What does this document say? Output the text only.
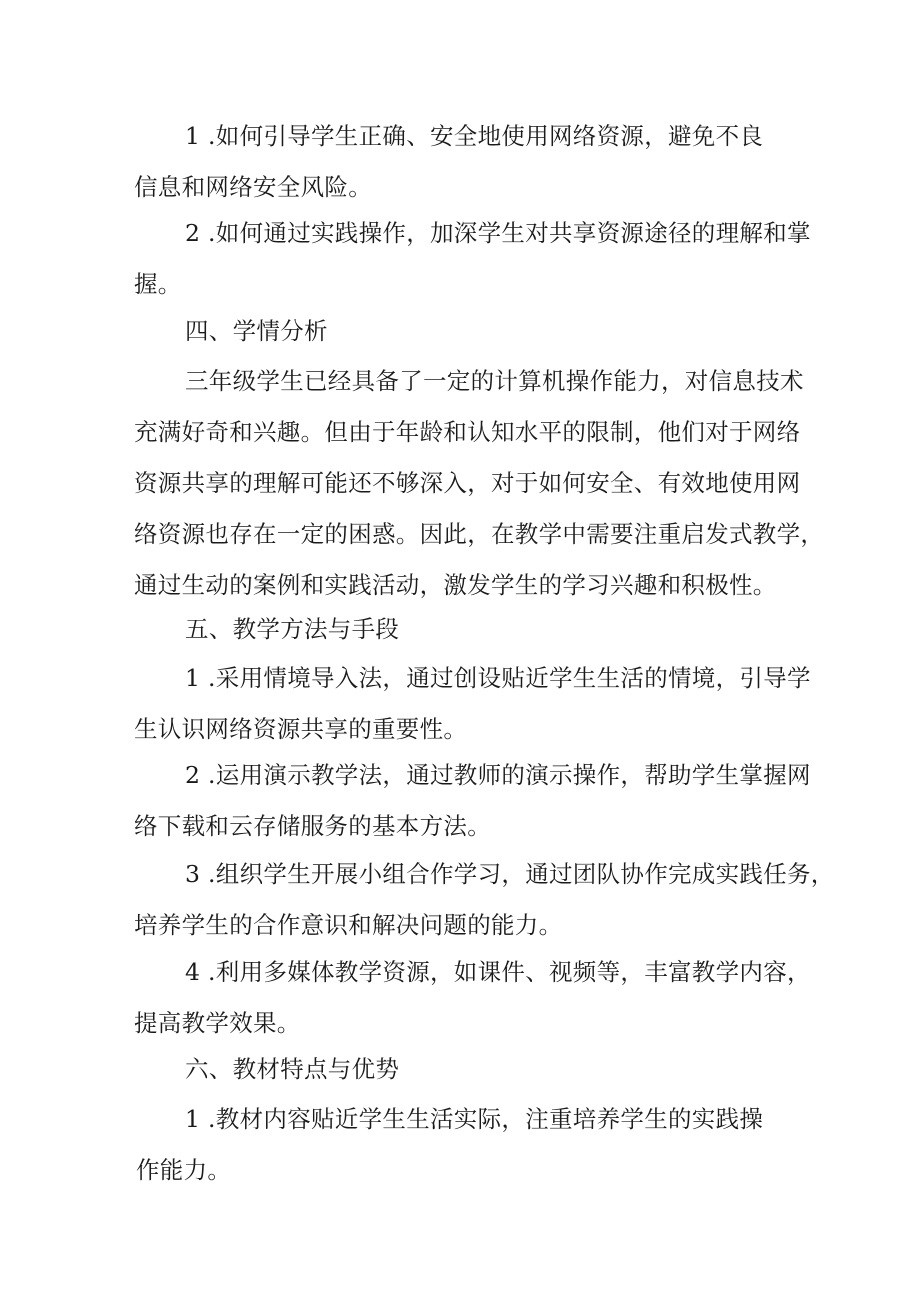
1 .如何引导学生正确、安全地使用网络资源，避免不良
信息和网络安全风险。

2 .如何通过实践操作，加深学生对共享资源途径的理解和掌
握。

四、学情分析

三年级学生已经具备了一定的计算机操作能力，对信息技术
充满好奇和兴趣。但由于年龄和认知水平的限制，他们对于网络
资源共享的理解可能还不够深入，对于如何安全、有效地使用网
络资源也存在一定的困惑。因此，在教学中需要注重启发式教学，
通过生动的案例和实践活动，激发学生的学习兴趣和积极性。

五、教学方法与手段

1 .采用情境导入法，通过创设贴近学生生活的情境，引导学
生认识网络资源共享的重要性。

2 .运用演示教学法，通过教师的演示操作，帮助学生掌握网
络下载和云存储服务的基本方法。

3 .组织学生开展小组合作学习，通过团队协作完成实践任务，
培养学生的合作意识和解决问题的能力。

4 .利用多媒体教学资源，如课件、视频等，丰富教学内容，
提高教学效果。

六、教材特点与优势

1 .教材内容贴近学生生活实际，注重培养学生的实践操
作能力。
